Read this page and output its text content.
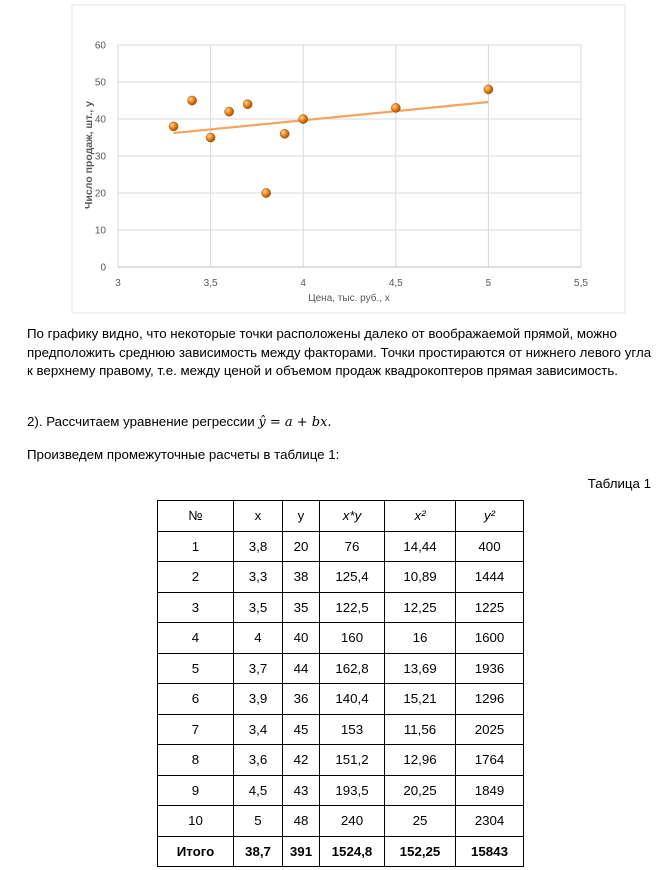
3	3,5	4	4,5	5	5,5
0
10
20
30
40
50
60
Цена, тыс. руб., x
Число продаж, шт., y
По графику видно, что некоторые точки расположены далеко от воображаемой прямой, можно предположить среднюю зависимость между факторами. Точки простираются от нижнего левого угла к верхнему правому, т.е. между ценой и объемом продаж квадрокоптеров прямая зависимость.
2). Рассчитаем уравнение регрессии ŷ = a + bx.
Произведем промежуточные расчеты в таблице 1:
Таблица 1
№	x	y	x*y	x²	y²
1	3,8	20	76	14,44	400
2	3,3	38	125,4	10,89	1444
3	3,5	35	122,5	12,25	1225
4	4	40	160	16	1600
5	3,7	44	162,8	13,69	1936
6	3,9	36	140,4	15,21	1296
7	3,4	45	153	11,56	2025
8	3,6	42	151,2	12,96	1764
9	4,5	43	193,5	20,25	1849
10	5	48	240	25	2304
Итого	38,7	391	1524,8	152,25	15843
